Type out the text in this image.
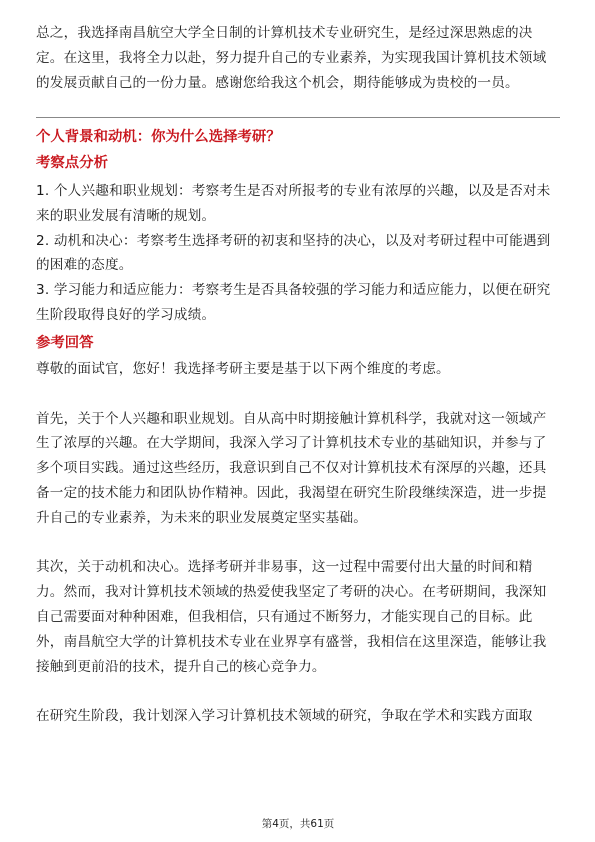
总之，我选择南昌航空大学全日制的计算机技术专业研究生，是经过深思熟虑的决定。在这里，我将全力以赴，努力提升自己的专业素养，为实现我国计算机技术领域的发展贡献自己的一份力量。感谢您给我这个机会，期待能够成为贵校的一员。

个人背景和动机：你为什么选择考研？
考察点分析

1. 个人兴趣和职业规划：考察考生是否对所报考的专业有浓厚的兴趣，以及是否对未来的职业发展有清晰的规划。

2. 动机和决心：考察考生选择考研的初衷和坚持的决心，以及对考研过程中可能遇到的困难的态度。

3. 学习能力和适应能力：考察考生是否具备较强的学习能力和适应能力，以便在研究生阶段取得良好的学习成绩。

参考回答

尊敬的面试官，您好！我选择考研主要是基于以下两个维度的考虑。

首先，关于个人兴趣和职业规划。自从高中时期接触计算机科学，我就对这一领域产生了浓厚的兴趣。在大学期间，我深入学习了计算机技术专业的基础知识，并参与了多个项目实践。通过这些经历，我意识到自己不仅对计算机技术有深厚的兴趣，还具备一定的技术能力和团队协作精神。因此，我渴望在研究生阶段继续深造，进一步提升自己的专业素养，为未来的职业发展奠定坚实基础。

其次，关于动机和决心。选择考研并非易事，这一过程中需要付出大量的时间和精力。然而，我对计算机技术领域的热爱使我坚定了考研的决心。在考研期间，我深知自己需要面对种种困难，但我相信，只有通过不断努力，才能实现自己的目标。此外，南昌航空大学的计算机技术专业在业界享有盛誉，我相信在这里深造，能够让我接触到更前沿的技术，提升自己的核心竞争力。

在研究生阶段，我计划深入学习计算机技术领域的研究，争取在学术和实践方面取

第4页，共61页
